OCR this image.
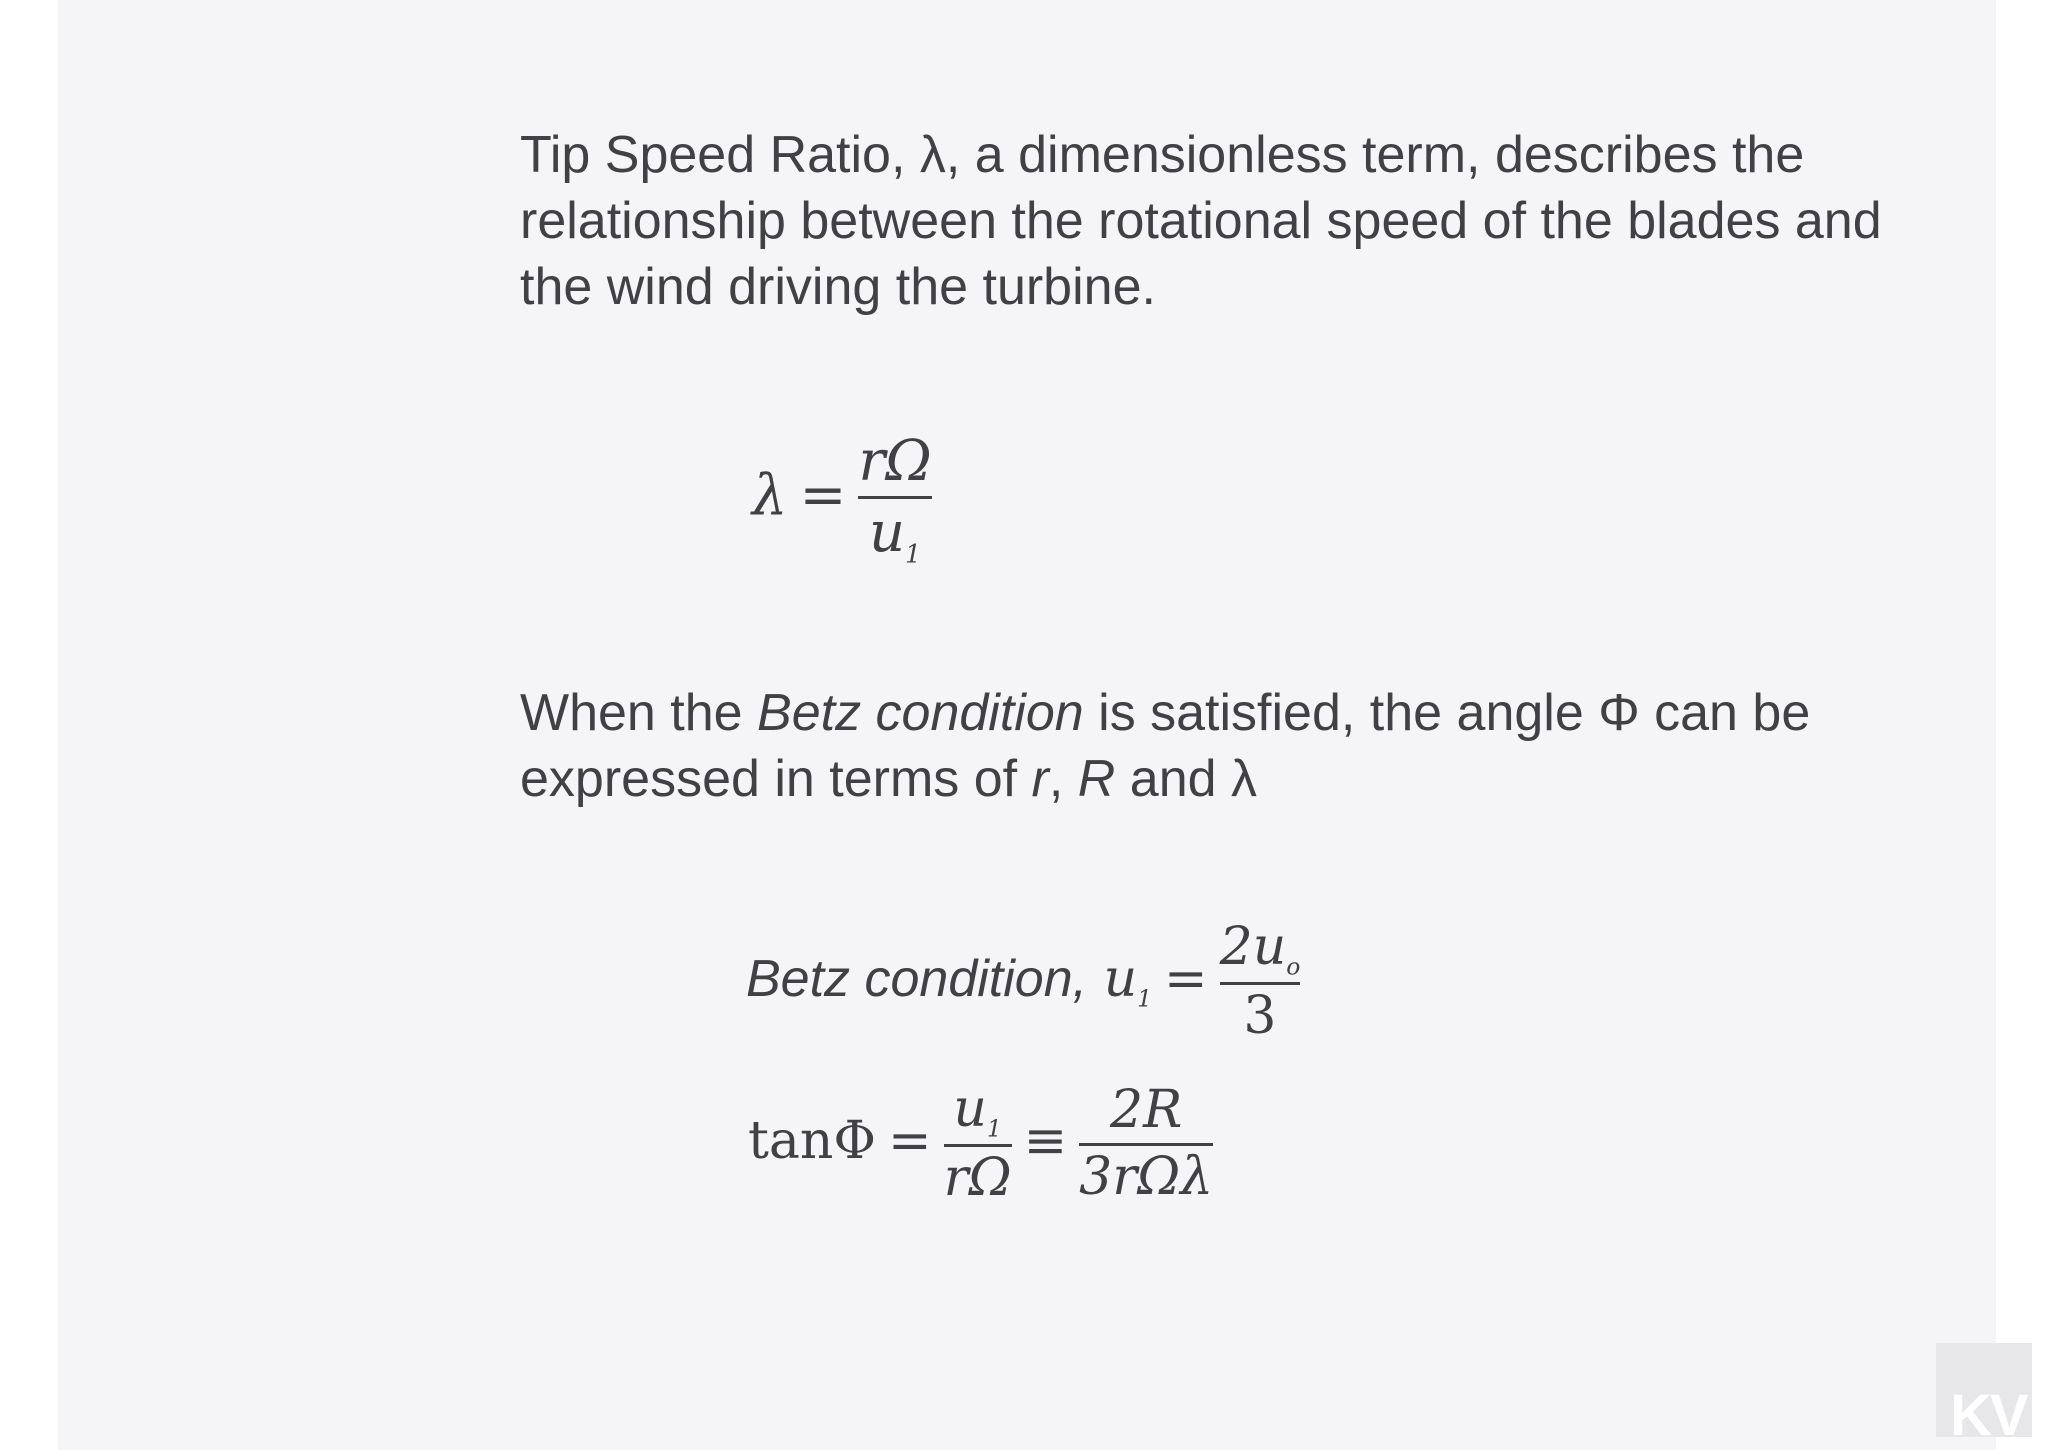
Tip Speed Ratio, λ, a dimensionless term, describes the relationship between the rotational speed of the blades and the wind driving the turbine.

$\lambda = \frac{r\Omega}{u_1}$

When the Betz condition is satisfied, the angle Φ can be expressed in terms of r, R and λ

Betz condition, $u_1 = \frac{2u_o}{3}$
$\tan\Phi = \frac{u_1}{r\Omega} \equiv \frac{2R}{\text{3rΩλ}}$
KV
